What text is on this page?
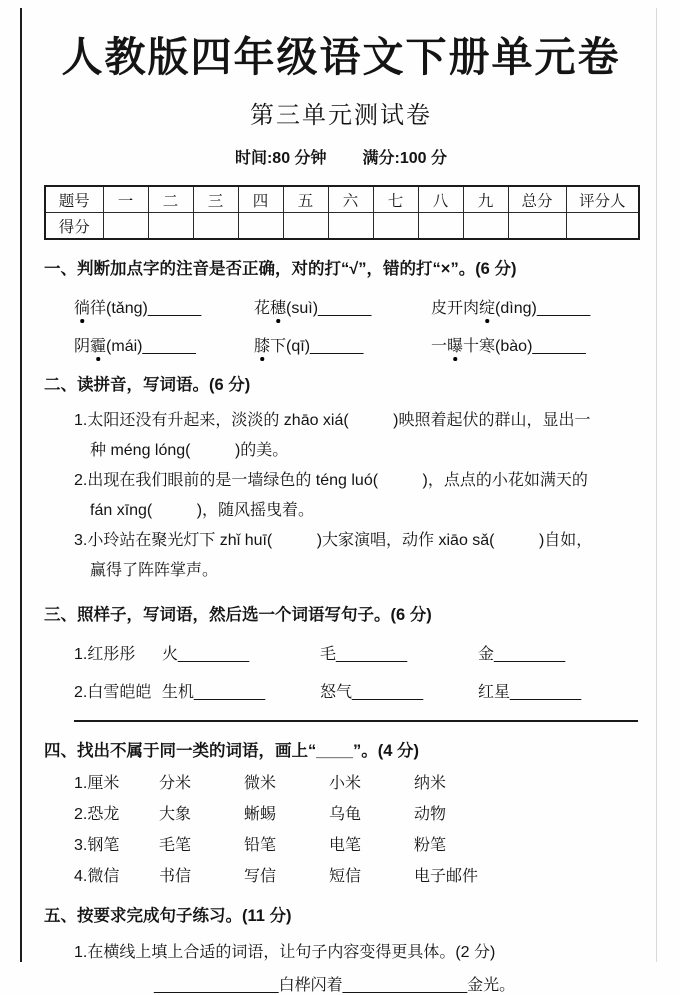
人教版四年级语文下册单元卷
第三单元测试卷
时间:80 分钟 满分:100 分
题号	一	二	三	四	五	六	七	八	九	总分	评分人
得分											
一、判断加点字的注音是否正确，对的打“√”，错的打“×”。(6 分)
徜徉(tǎng)______	花穗(suì)______	皮开肉绽(dìng)______
阴霾(mái)______	膝下(qī)______	一曝十寒(bào)______
二、读拼音，写词语。(6 分)
1.太阳还没有升起来，淡淡的 zhāo xiá(          )映照着起伏的群山，显出一
种 méng lóng(          )的美。
2.出现在我们眼前的是一墙绿色的 téng luó(          )，点点的小花如满天的
fán xīng(          )，随风摇曳着。
3.小玲站在聚光灯下 zhǐ huī(          )大家演唱，动作 xiāo sǎ(          )自如，
赢得了阵阵掌声。
三、照样子，写词语，然后选一个词语写句子。(6 分)
1.红彤彤	火________	毛________	金________
2.白雪皑皑 生机________	怒气________	红星________
四、找出不属于同一类的词语，画上“____”。(4 分)
1.厘米	分米	微米	小米	纳米
2.恐龙	大象	蜥蜴	乌龟	动物
3.钢笔	毛笔	铅笔	电笔	粉笔
4.微信	书信	写信	短信	电子邮件
五、按要求完成句子练习。(11 分)
1.在横线上填上合适的词语，让句子内容变得更具体。(2 分)
______________白桦闪着______________金光。
